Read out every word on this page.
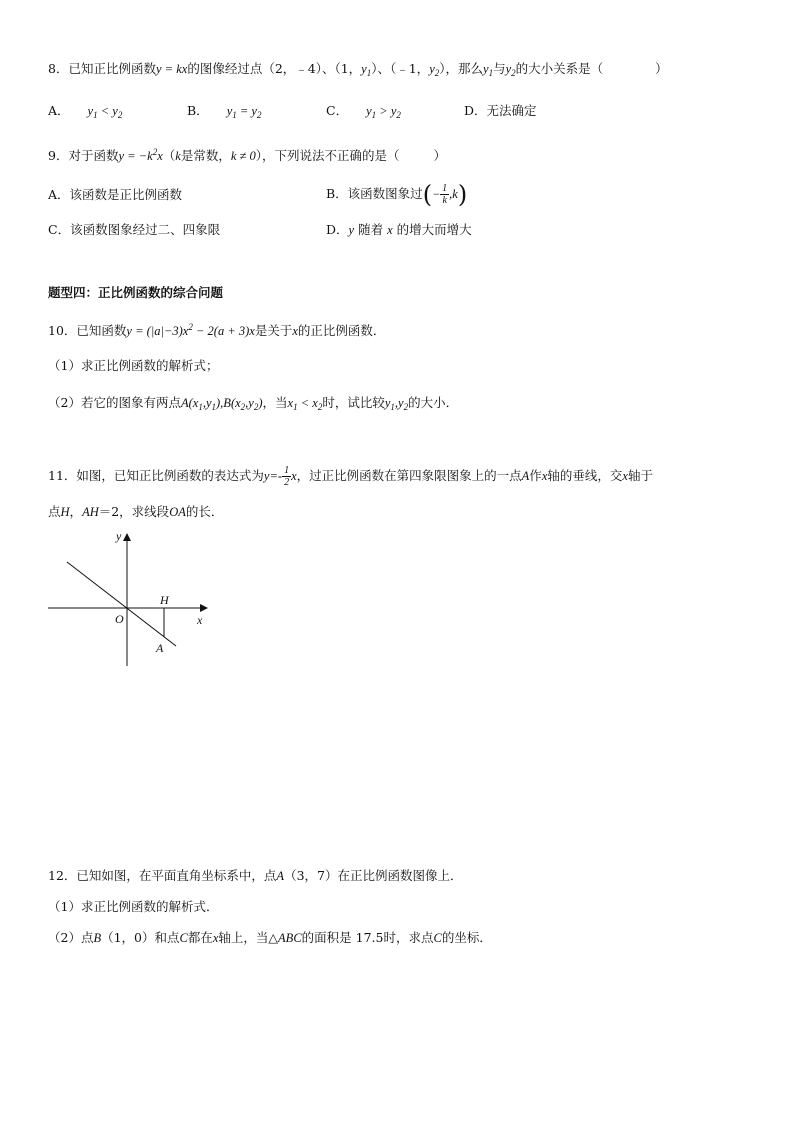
8．已知正比例函数y = kx的图像经过点（2，﹣4）、（1，$y_1$）、（﹣1，$y_2$），那么$y_1$与$y_2$的大小关系是（	）
A． $y_1 < y_2$	B． $y_1 = y_2$	C． $y_1 > y_2$	D．无法确定
9．对于函数$y = -k^2x(k$是常数，k ≠ 0），下列说法不正确的是（	）
A．该函数是正比例函数	B．该函数图象过(− $\frac{1}{k} ,k$)
C．该函数图象经过二、四象限	D．y 随着 x 的增大而增大
题型四：正比例函数的综合问题
10．已知函数$y = (|a|-3)x^2 - 2(a + 3)x$是关于x的正比例函数．
（1）求正比例函数的解析式；
（2）若它的图象有两点$A(x_1,y_1),B(x_2,y_2)$，当$x_1 < x_2$时，试比较$y_1,y_2$的大小．
11．如图，已知正比例函数的表达式为$y=- \frac{1}{2}$ x，过正比例函数在第四象限图象上的一点A作x轴的垂线，交x轴于
点H，AH＝2，求线段OA的长．
y
x
O
H
A
12．已知如图，在平面直角坐标系中，点A（3，7）在正比例函数图像上．
（1）求正比例函数的解析式．
（2）点B（1，0）和点C都在x轴上，当△ABC的面积是 17.5时，求点C的坐标．
